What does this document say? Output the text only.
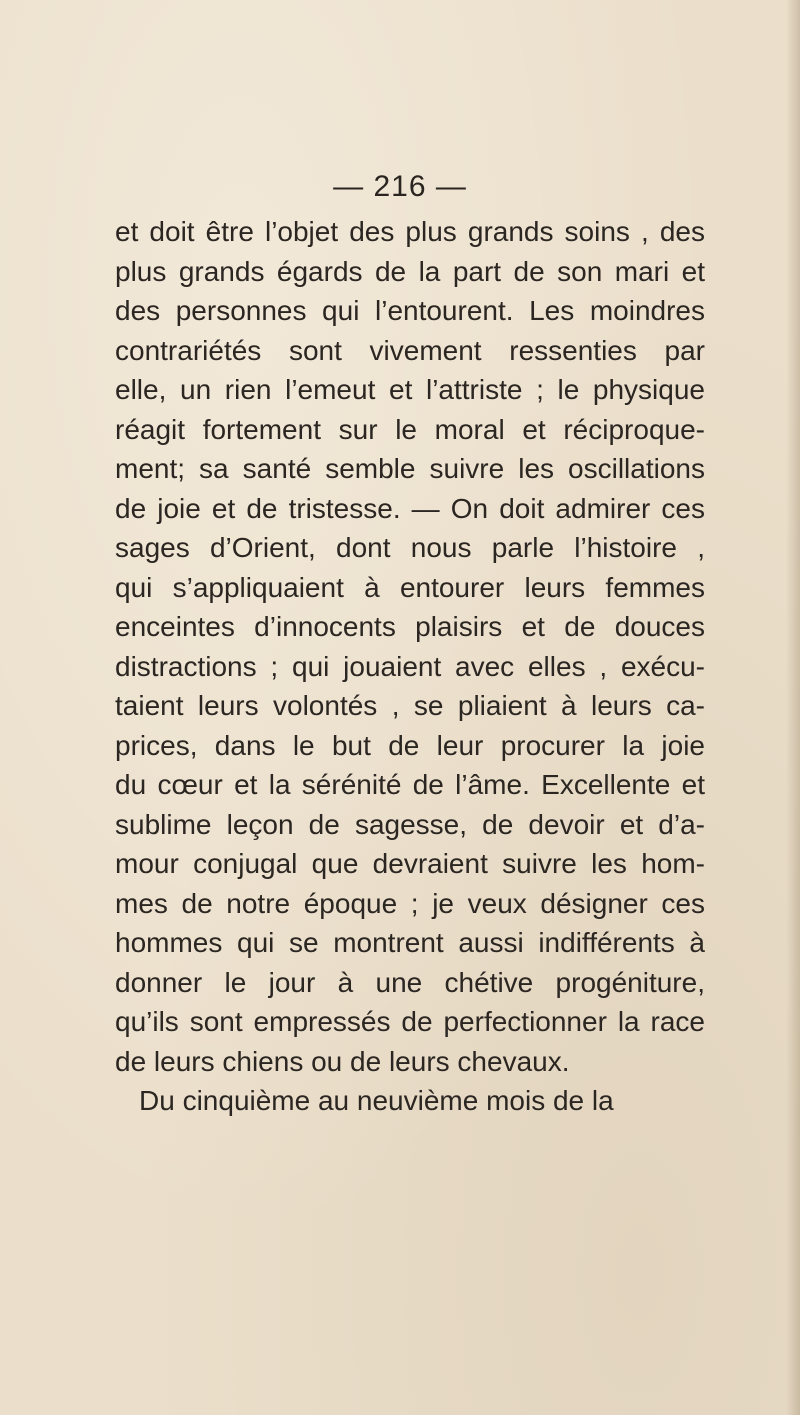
— 216 —
et doit être l’objet des plus grands soins , des
plus grands égards de la part de son mari et
des personnes qui l’entourent. Les moindres
contrariétés sont vivement ressenties par
elle, un rien l’emeut et l’attriste ; le physique
réagit fortement sur le moral et réciproque-
ment; sa santé semble suivre les oscillations
de joie et de tristesse. — On doit admirer ces
sages d’Orient, dont nous parle l’histoire ,
qui s’appliquaient à entourer leurs femmes
enceintes d’innocents plaisirs et de douces
distractions ; qui jouaient avec elles , exécu-
taient leurs volontés , se pliaient à leurs ca-
prices, dans le but de leur procurer la joie
du cœur et la sérénité de l’âme. Excellente et
sublime leçon de sagesse, de devoir et d’a-
mour conjugal que devraient suivre les hom-
mes de notre époque ; je veux désigner ces
hommes qui se montrent aussi indifférents à
donner le jour à une chétive progéniture,
qu’ils sont empressés de perfectionner la race
de leurs chiens ou de leurs chevaux.
Du cinquième au neuvième mois de la
